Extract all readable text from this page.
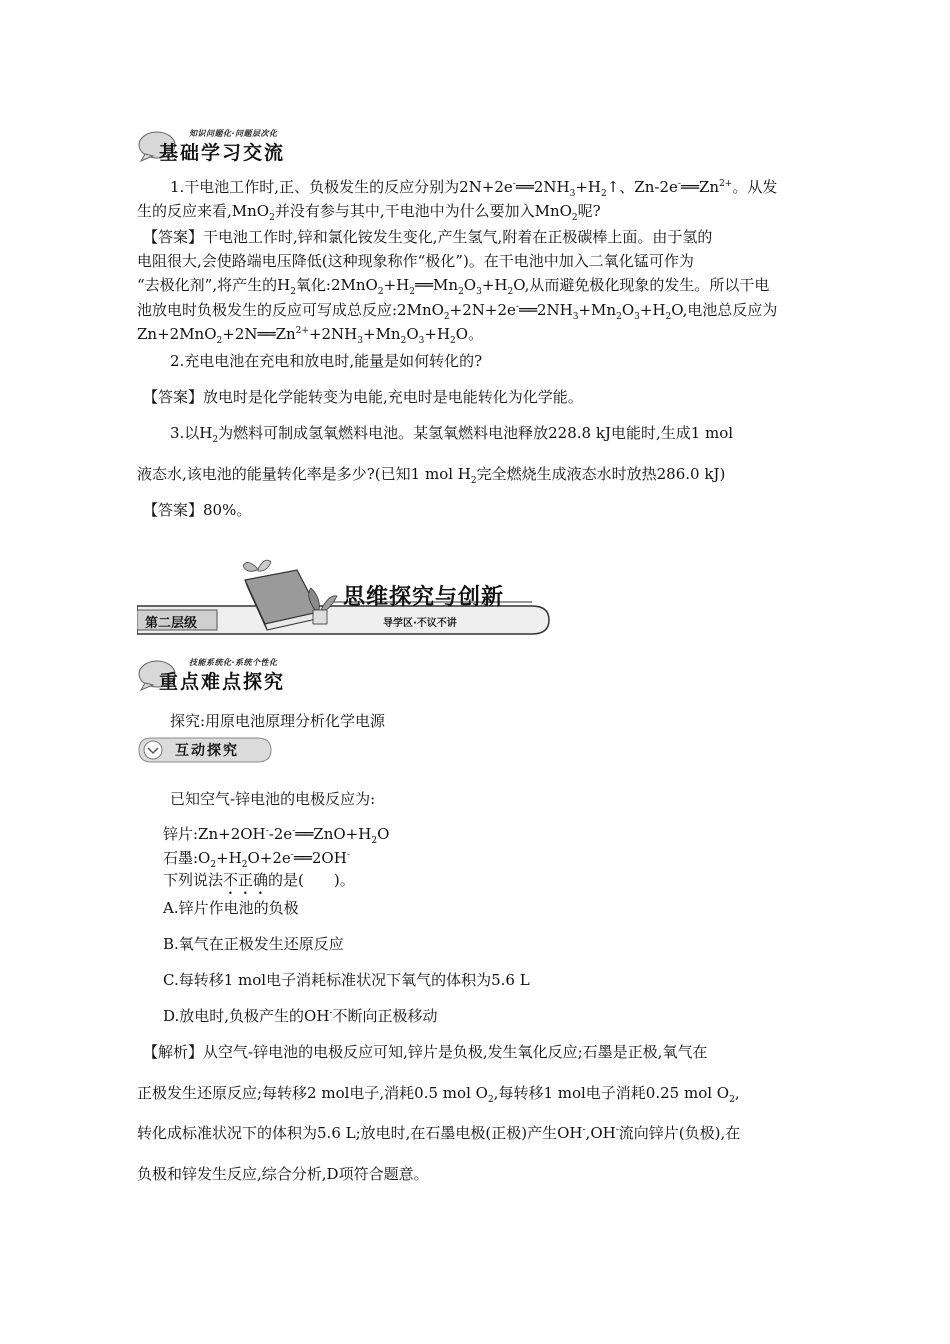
知识问题化·问题层次化
基础学习交流
1.干电池工作时,正、负极发生的反应分别为$2N+2e^-══2NH_3+H_2↑$、$Zn-2e^-══Zn^{2+}$。从发
生的反应来看,MnO$_2$并没有参与其中,干电池中为什么要加入MnO$_2$呢?
【答案】干电池工作时,锌和氯化铵发生变化,产生氢气,附着在正极碳棒上面。由于氢的
电阻很大,会使路端电压降低(这种现象称作“极化”)。在干电池中加入二氧化锰可作为
“去极化剂”,将产生的$H_2$氧化$:2MnO_2+H_2══Mn_2O_3+H_2O$,从而避免极化现象的发生。所以干电
池放电时负极发生的反应可写成总反应$:2MnO_2+2N+2e^-══2NH_3+Mn_2O_3+H_2O$,电池总反应为
$Zn+2MnO_2+2N══Zn^{2+}+2NH_3+Mn_2O_3+H_2O$。
2.充电电池在充电和放电时,能量是如何转化的?
【答案】放电时是化学能转变为电能,充电时是电能转化为化学能。
3.以$H_2$为燃料可制成氢氧燃料电池。某氢氧燃料电池释放228.8 kJ电能时,生成1 mol
液态水,该电池的能量转化率是多少?(已知1 mol $H_2$完全燃烧生成液态水时放热286.0 kJ)
【答案】80%。
第二层级
思维探究与创新
导学区·不议不讲
技能系统化·系统个性化
重点难点探究
探究:用原电池原理分析化学电源
互动探究
已知空气-锌电池的电极反应为:
锌片$:Zn+2OH^--2e^-══ZnO+H_2O$
石墨$:O_2+H_2O+2e^-══2OH^-$
下列说法不正确的是(　　)。
A.锌片作电池的负极
B.氧气在正极发生还原反应
C.每转移1 mol电子消耗标准状况下氧气的体积为5.6 L
D.放电时,负极产生的OH-不断向正极移动
【解析】从空气-锌电池的电极反应可知,锌片是负极,发生氧化反应;石墨是正极,氧气在
正极发生还原反应;每转移2 mol电子,消耗0.5 mol $O_2$,每转移1 mol电子消耗0.25 mol $O_2$,
转化成标准状况下的体积为5.6 L;放电时,在石墨电极(正极)产生OH-,OH-流向锌片(负极),在
负极和锌发生反应,综合分析,D项符合题意。
